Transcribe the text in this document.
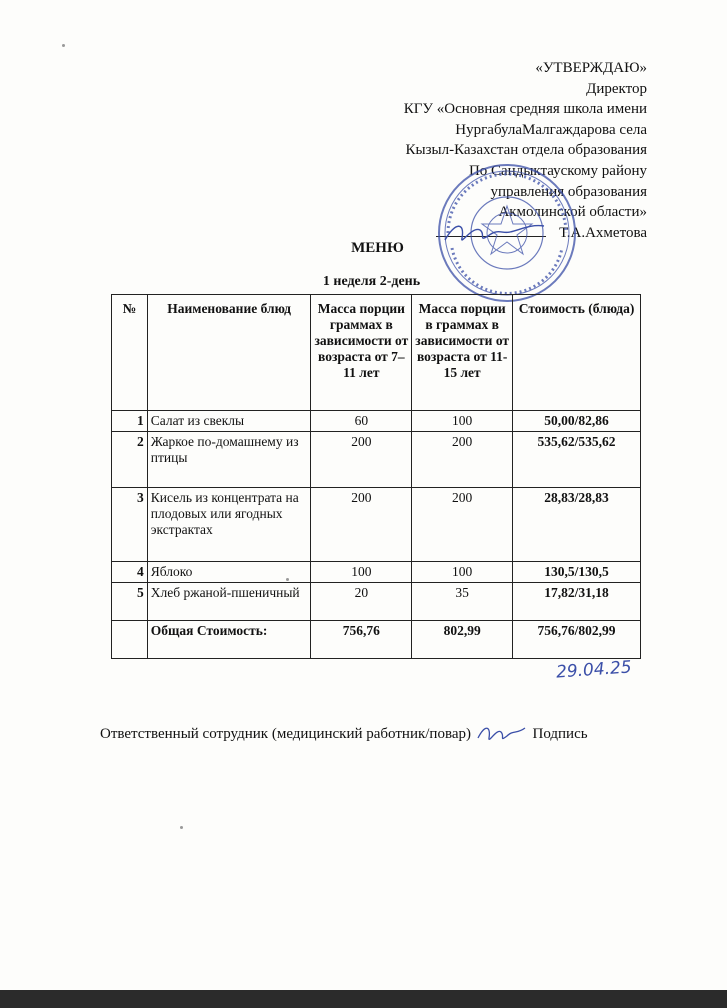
«УТВЕРЖДАЮ»
Директор
КГУ «Основная средняя школа имени
НургабулаМалгаждарова села
Кызыл-Казахстан отдела образования
По Сандыктаускому району
управления образования
Акмолинской области»
Т.А.Ахметова
МЕНЮ
1 неделя 2-день
№	Наименование блюд	Масса порции граммах в зависимости от возраста от 7–11 лет	Масса порции в граммах в зависимости от возраста от 11-15 лет	Стоимость (блюда)
1	Салат из свеклы	60	100	50,00/82,86
2	Жаркое по-домашнему из птицы	200	200	535,62/535,62
3	Кисель из концентрата на плодовых или ягодных экстрактах	200	200	28,83/28,83
4	Яблоко	100	100	130,5/130,5
5	Хлеб ржаной-пшеничный	20	35	17,82/31,18
	Общая Стоимость:	756,76	802,99	756,76/802,99
29.04.25
Ответственный сотрудник (медицинский работник/повар)	Подпись
